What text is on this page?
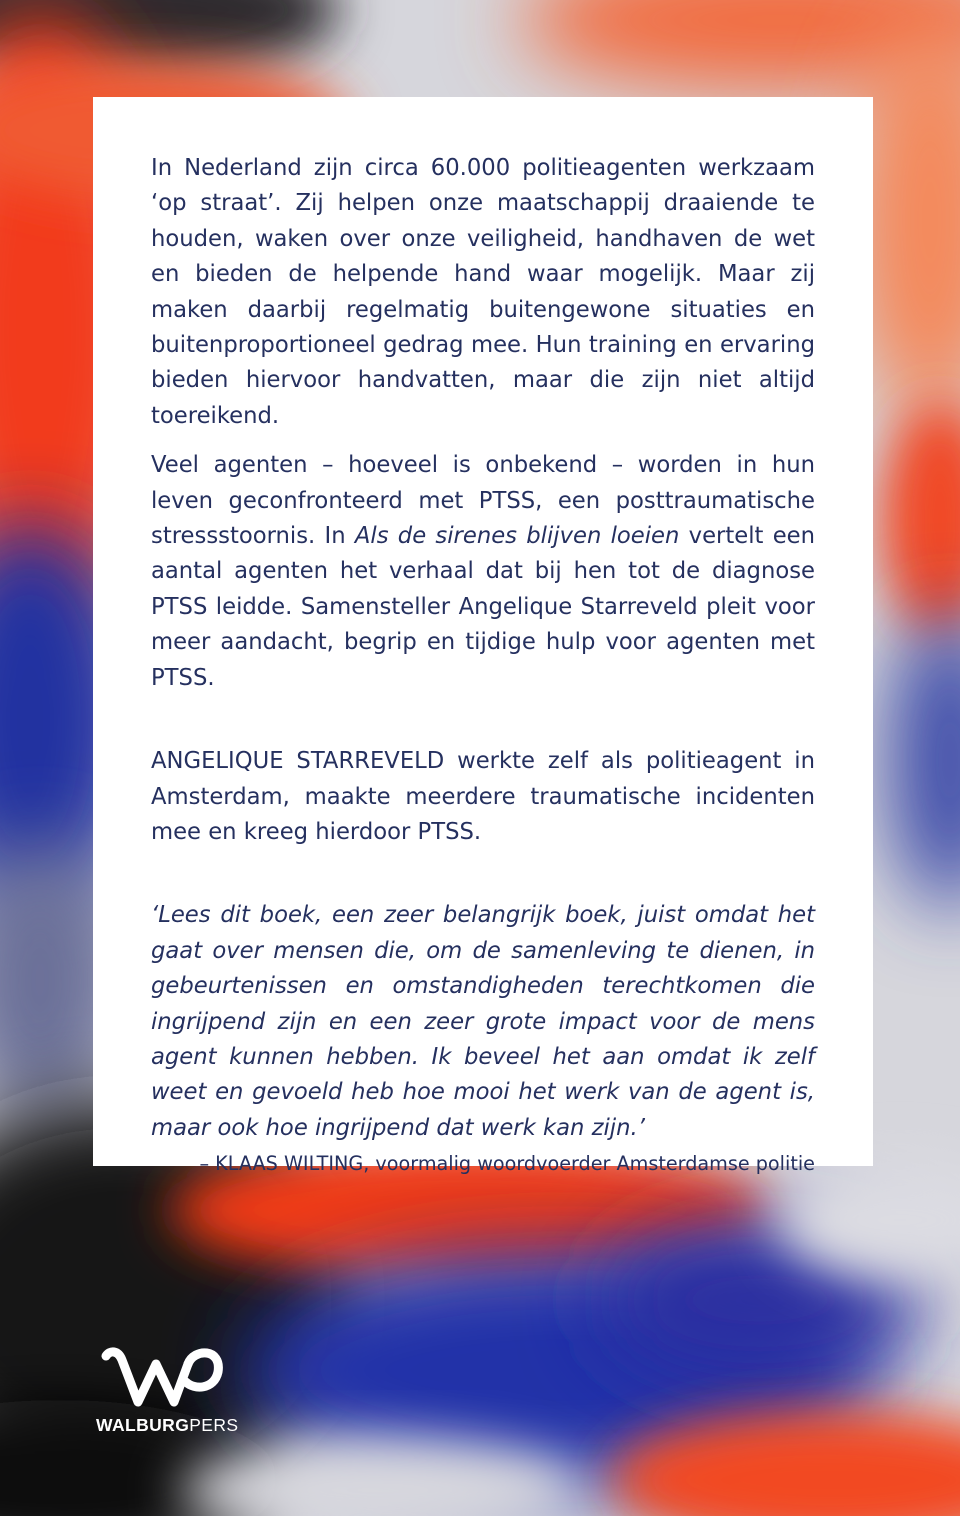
In Nederland zijn circa 60.000 politieagenten werkzaam ‘op straat’. Zij helpen onze maatschappij draaiende te houden, waken over onze veiligheid, handhaven de wet en bieden de helpende hand waar mogelijk. Maar zij maken daarbij regelmatig buitengewone situaties en buitenproportioneel gedrag mee. Hun training en ervaring bieden hiervoor handvatten, maar die zijn niet altijd toereikend.

Veel agenten – hoeveel is onbekend – worden in hun leven geconfronteerd met PTSS, een posttraumatische stressstoornis. In Als de sirenes blijven loeien vertelt een aantal agenten het verhaal dat bij hen tot de diagnose PTSS leidde. Samensteller Angelique Starreveld pleit voor meer aandacht, begrip en tijdige hulp voor agenten met PTSS.

ANGELIQUE STARREVELD werkte zelf als politieagent in Amsterdam, maakte meerdere traumatische incidenten mee en kreeg hierdoor PTSS.

‘Lees dit boek, een zeer belangrijk boek, juist omdat het gaat over mensen die, om de samenleving te dienen, in gebeurtenissen en omstandigheden terechtkomen die ingrijpend zijn en een zeer grote impact voor de mens agent kunnen hebben. Ik beveel het aan omdat ik zelf weet en gevoeld heb hoe mooi het werk van de agent is, maar ook hoe ingrijpend dat werk kan zijn.’

– KLAAS WILTING, voormalig woordvoerder Amsterdamse politie

WALBURGPERS
